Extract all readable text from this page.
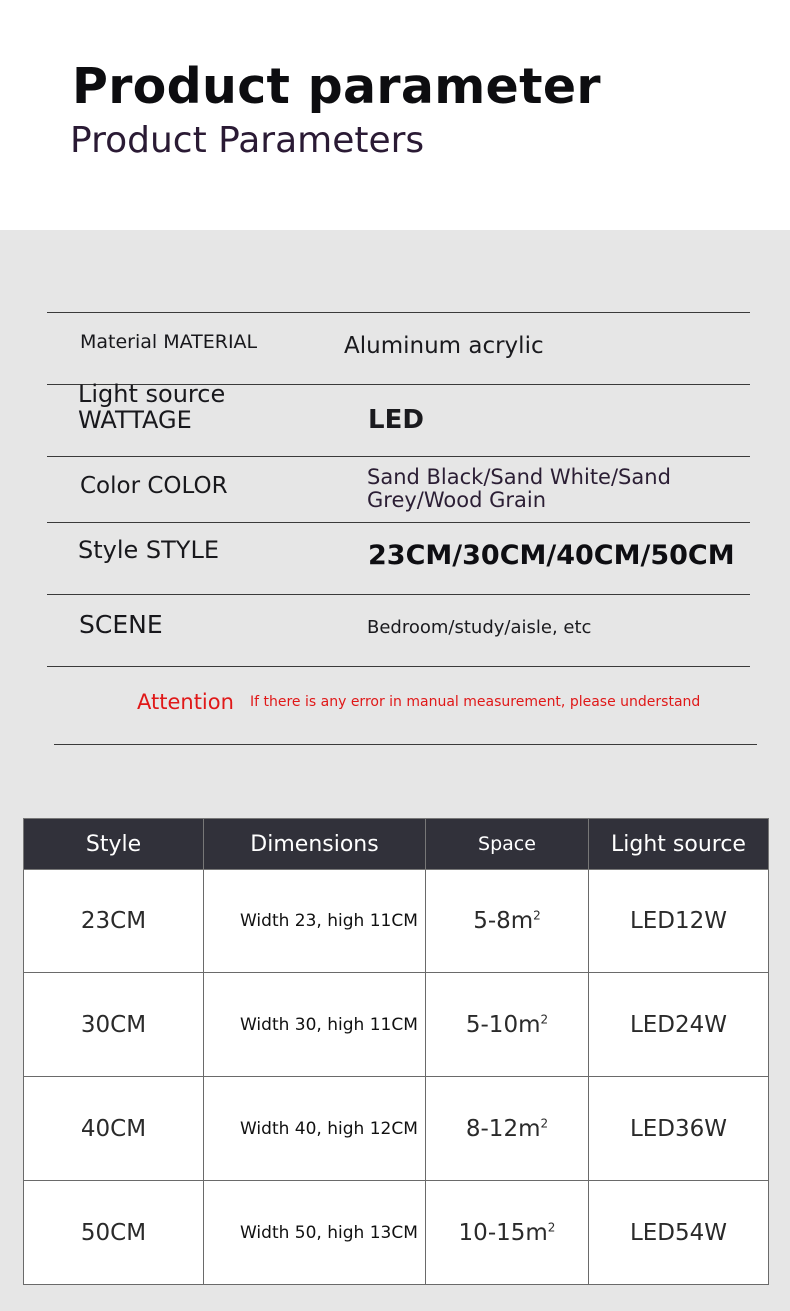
Product parameter
Product Parameters
Material MATERIAL	Aluminum acrylic
Light source WATTAGE	LED
Color COLOR	Sand Black/Sand White/Sand Grey/Wood Grain
Style STYLE	23CM/30CM/40CM/50CM
SCENE	Bedroom/study/aisle, etc
Attention If there is any error in manual measurement, please understand
Style	Dimensions	Space	Light source
23CM	Width 23, high 11CM	$5-8m^2$	LED12W
30CM	Width 30, high 11CM	$5-10m^2$	LED24W
40CM	Width 40, high 12CM	$8-12m^2$	LED36W
50CM	Width 50, high 13CM	$10-15m^2$	LED54W
